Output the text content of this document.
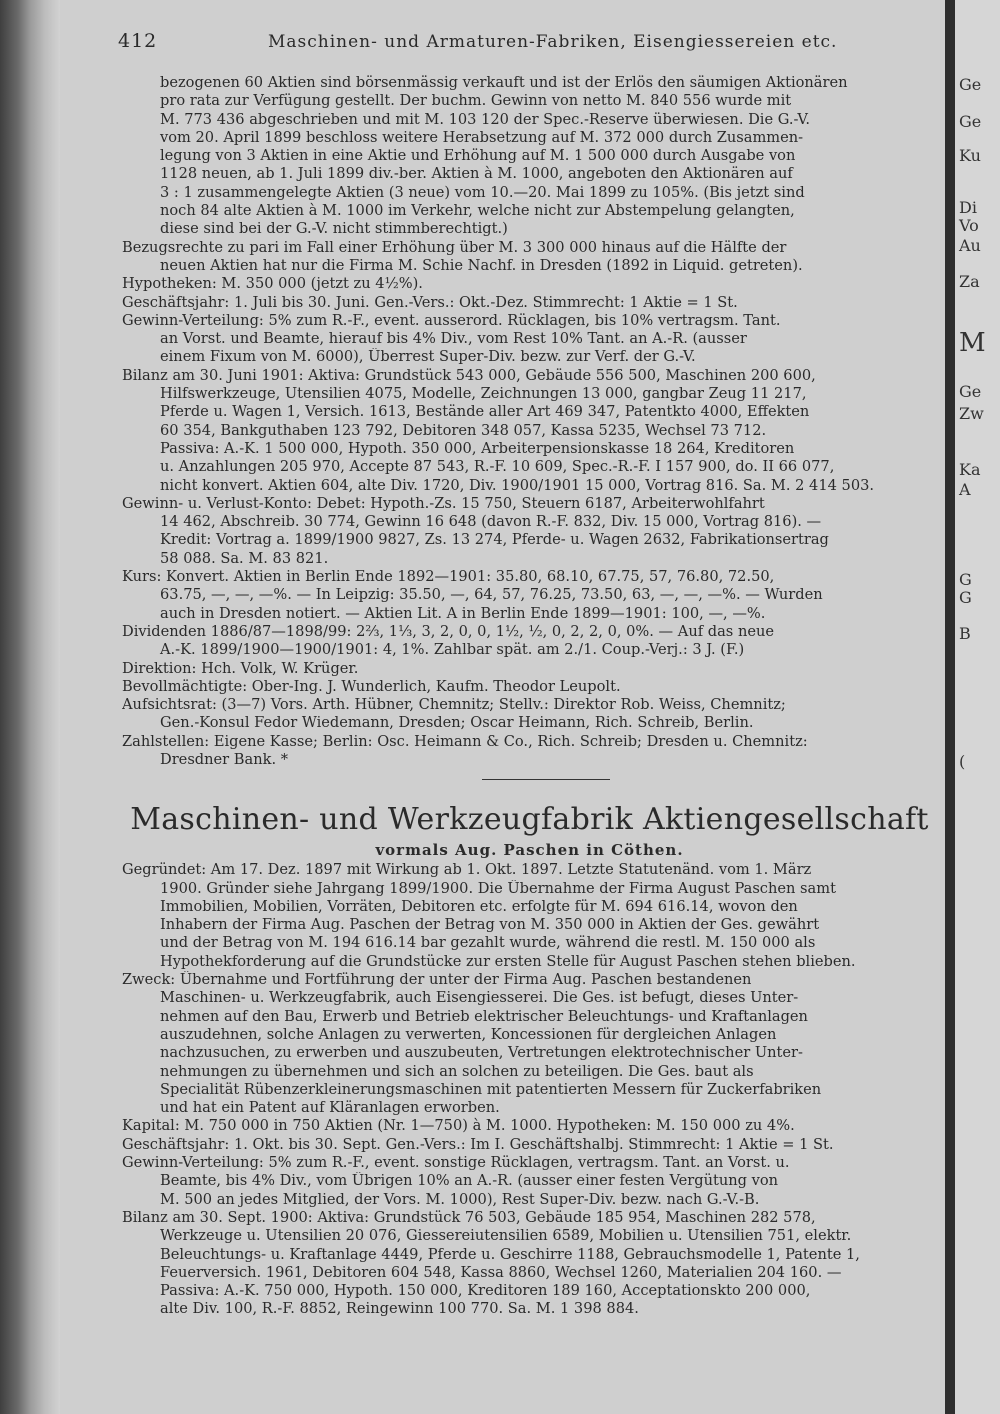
Ge
Ge
Ku
Di
Vo
Au
Za
M
Ge
Zw
Ka
A
G
G
B
(
412	Maschinen- und Armaturen-Fabriken, Eisengiessereien etc.
bezogenen 60 Aktien sind börsenmässig verkauft und ist der Erlös den säumigen Aktionären
pro rata zur Verfügung gestellt. Der buchm. Gewinn von netto M. 840 556 wurde mit
M. 773 436 abgeschrieben und mit M. 103 120 der Spec.-Reserve überwiesen. Die G.-V.
vom 20. April 1899 beschloss weitere Herabsetzung auf M. 372 000 durch Zusammen-
legung von 3 Aktien in eine Aktie und Erhöhung auf M. 1 500 000 durch Ausgabe von
1128 neuen, ab 1. Juli 1899 div.-ber. Aktien à M. 1000, angeboten den Aktionären auf
3 : 1 zusammengelegte Aktien (3 neue) vom 10.—20. Mai 1899 zu 105%. (Bis jetzt sind
noch 84 alte Aktien à M. 1000 im Verkehr, welche nicht zur Abstempelung gelangten,
diese sind bei der G.-V. nicht stimmberechtigt.)
Bezugsrechte zu pari im Fall einer Erhöhung über M. 3 300 000 hinaus auf die Hälfte der
neuen Aktien hat nur die Firma M. Schie Nachf. in Dresden (1892 in Liquid. getreten).
Hypotheken: M. 350 000 (jetzt zu 4½%).
Geschäftsjahr: 1. Juli bis 30. Juni. Gen.-Vers.: Okt.-Dez. Stimmrecht: 1 Aktie = 1 St.
Gewinn-Verteilung: 5% zum R.-F., event. ausserord. Rücklagen, bis 10% vertragsm. Tant.
an Vorst. und Beamte, hierauf bis 4% Div., vom Rest 10% Tant. an A.-R. (ausser
einem Fixum von M. 6000), Überrest Super-Div. bezw. zur Verf. der G.-V.
Bilanz am 30. Juni 1901: Aktiva: Grundstück 543 000, Gebäude 556 500, Maschinen 200 600,
Hilfswerkzeuge, Utensilien 4075, Modelle, Zeichnungen 13 000, gangbar Zeug 11 217,
Pferde u. Wagen 1, Versich. 1613, Bestände aller Art 469 347, Patentkto 4000, Effekten
60 354, Bankguthaben 123 792, Debitoren 348 057, Kassa 5235, Wechsel 73 712.
Passiva: A.-K. 1 500 000, Hypoth. 350 000, Arbeiterpensionskasse 18 264, Kreditoren
u. Anzahlungen 205 970, Accepte 87 543, R.-F. 10 609, Spec.-R.-F. I 157 900, do. II 66 077,
nicht konvert. Aktien 604, alte Div. 1720, Div. 1900/1901 15 000, Vortrag 816. Sa. M. 2 414 503.
Gewinn- u. Verlust-Konto: Debet: Hypoth.-Zs. 15 750, Steuern 6187, Arbeiterwohlfahrt
14 462, Abschreib. 30 774, Gewinn 16 648 (davon R.-F. 832, Div. 15 000, Vortrag 816). —
Kredit: Vortrag a. 1899/1900 9827, Zs. 13 274, Pferde- u. Wagen 2632, Fabrikationsertrag
58 088. Sa. M. 83 821.
Kurs: Konvert. Aktien in Berlin Ende 1892—1901: 35.80, 68.10, 67.75, 57, 76.80, 72.50,
63.75, —, —, —%. — In Leipzig: 35.50, —, 64, 57, 76.25, 73.50, 63, —, —, —%. — Wurden
auch in Dresden notiert. — Aktien Lit. A in Berlin Ende 1899—1901: 100, —, —%.
Dividenden 1886/87—1898/99: 2⅔, 1⅓, 3, 2, 0, 0, 1½, ½, 0, 2, 2, 0, 0%. — Auf das neue
A.-K. 1899/1900—1900/1901: 4, 1%. Zahlbar spät. am 2./1. Coup.-Verj.: 3 J. (F.)
Direktion: Hch. Volk, W. Krüger.
Bevollmächtigte: Ober-Ing. J. Wunderlich, Kaufm. Theodor Leupolt.
Aufsichtsrat: (3—7) Vors. Arth. Hübner, Chemnitz; Stellv.: Direktor Rob. Weiss, Chemnitz;
Gen.-Konsul Fedor Wiedemann, Dresden; Oscar Heimann, Rich. Schreib, Berlin.
Zahlstellen: Eigene Kasse; Berlin: Osc. Heimann & Co., Rich. Schreib; Dresden u. Chemnitz:
Dresdner Bank. *
Maschinen- und Werkzeugfabrik Aktiengesellschaft
vormals Aug. Paschen in Cöthen.
Gegründet: Am 17. Dez. 1897 mit Wirkung ab 1. Okt. 1897. Letzte Statutenänd. vom 1. März
1900. Gründer siehe Jahrgang 1899/1900. Die Übernahme der Firma August Paschen samt
Immobilien, Mobilien, Vorräten, Debitoren etc. erfolgte für M. 694 616.14, wovon den
Inhabern der Firma Aug. Paschen der Betrag von M. 350 000 in Aktien der Ges. gewährt
und der Betrag von M. 194 616.14 bar gezahlt wurde, während die restl. M. 150 000 als
Hypothekforderung auf die Grundstücke zur ersten Stelle für August Paschen stehen blieben.
Zweck: Übernahme und Fortführung der unter der Firma Aug. Paschen bestandenen
Maschinen- u. Werkzeugfabrik, auch Eisengiesserei. Die Ges. ist befugt, dieses Unter-
nehmen auf den Bau, Erwerb und Betrieb elektrischer Beleuchtungs- und Kraftanlagen
auszudehnen, solche Anlagen zu verwerten, Koncessionen für dergleichen Anlagen
nachzusuchen, zu erwerben und auszubeuten, Vertretungen elektrotechnischer Unter-
nehmungen zu übernehmen und sich an solchen zu beteiligen. Die Ges. baut als
Specialität Rübenzerkleinerungsmaschinen mit patentierten Messern für Zuckerfabriken
und hat ein Patent auf Kläranlagen erworben.
Kapital: M. 750 000 in 750 Aktien (Nr. 1—750) à M. 1000. Hypotheken: M. 150 000 zu 4%.
Geschäftsjahr: 1. Okt. bis 30. Sept. Gen.-Vers.: Im I. Geschäftshalbj. Stimmrecht: 1 Aktie = 1 St.
Gewinn-Verteilung: 5% zum R.-F., event. sonstige Rücklagen, vertragsm. Tant. an Vorst. u.
Beamte, bis 4% Div., vom Übrigen 10% an A.-R. (ausser einer festen Vergütung von
M. 500 an jedes Mitglied, der Vors. M. 1000), Rest Super-Div. bezw. nach G.-V.-B.
Bilanz am 30. Sept. 1900: Aktiva: Grundstück 76 503, Gebäude 185 954, Maschinen 282 578,
Werkzeuge u. Utensilien 20 076, Giessereiutensilien 6589, Mobilien u. Utensilien 751, elektr.
Beleuchtungs- u. Kraftanlage 4449, Pferde u. Geschirre 1188, Gebrauchsmodelle 1, Patente 1,
Feuerversich. 1961, Debitoren 604 548, Kassa 8860, Wechsel 1260, Materialien 204 160. —
Passiva: A.-K. 750 000, Hypoth. 150 000, Kreditoren 189 160, Acceptationskto 200 000,
alte Div. 100, R.-F. 8852, Reingewinn 100 770. Sa. M. 1 398 884.
